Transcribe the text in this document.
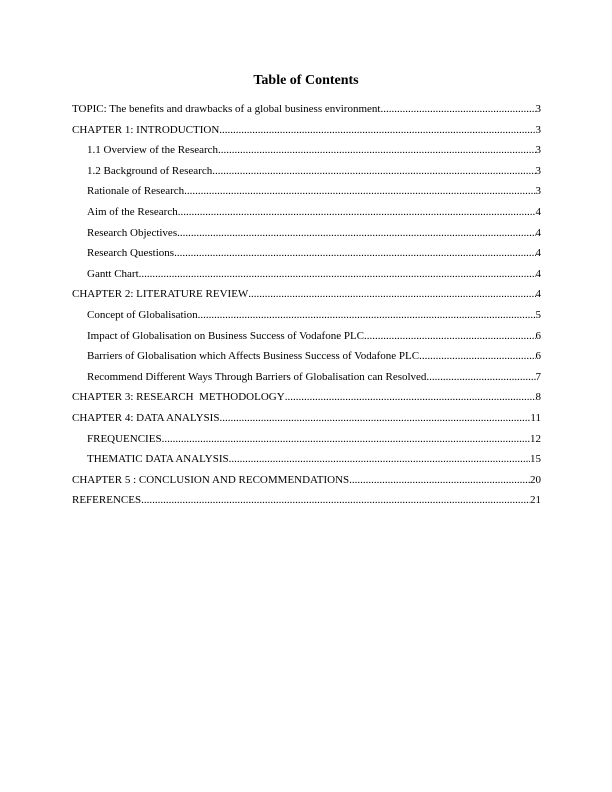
Table of Contents
TOPIC: The benefits and drawbacks of a global business environment .....	3
CHAPTER 1: INTRODUCTION .....	3
1.1 Overview of the Research .....	3
1.2 Background of Research .....	3
Rationale of Research .....	3
Aim of the Research .....	4
Research Objectives .....	4
Research Questions .....	4
Gantt Chart .....	4
CHAPTER 2: LITERATURE REVIEW .....	4
Concept of Globalisation .....	5
Impact of Globalisation on Business Success of Vodafone PLC .....	6
Barriers of Globalisation which Affects Business Success of Vodafone PLC .....	6
Recommend Different Ways Through Barriers of Globalisation can Resolved .....	7
CHAPTER 3: RESEARCH  METHODOLOGY .....	8
CHAPTER 4: DATA ANALYSIS .....	11
FREQUENCIES .....	12
THEMATIC DATA ANALYSIS .....	15
CHAPTER 5 : CONCLUSION AND RECOMMENDATIONS .....	20
REFERENCES .....	21
